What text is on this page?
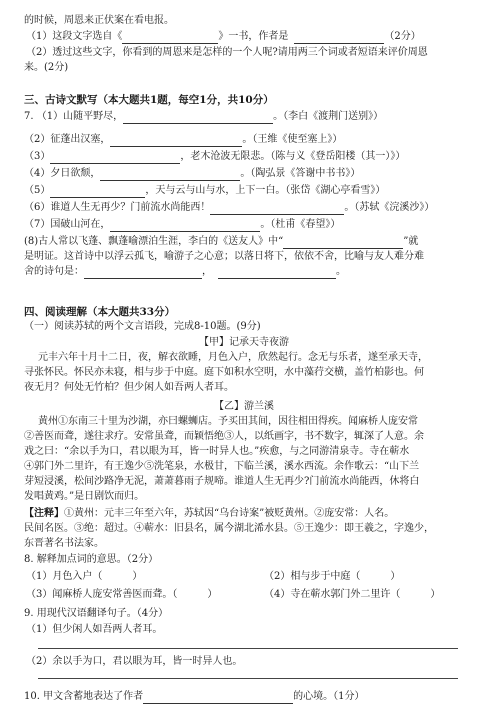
的时候，周恩来正伏案在看电报。
（1）这段文字选自《	》一书，作者是	（2分）
（2）透过这些文字，你看到的周恩来是怎样的一个人呢?请用两三个词或者短语来评价周恩
来。(2分)
三、古诗文默写（本大题共1题，每空1分，共10分）
7. （1）山随平野尽，	。（李白《渡荆门送别》）
（2）征蓬出汉塞，	。（王维《使至塞上》）
（3）	，老木沧波无限悲。（陈与义《登岳阳楼（其一）》）
（4）夕日欲颓，	。（陶弘景《答谢中书书》）
（5）	，天与云与山与水，上下一白。（张岱《湖心亭看雪》）
（6）谁道人生无再少？门前流水尚能西！	。（苏轼《浣溪沙》）
（7）国破山河在，	。（杜甫《春望》）
(8)古人常以飞蓬、飘蓬喻漂泊生涯，李白的《送友人》中“	”就
是明证。这首诗中以浮云孤飞，喻游子之心意；以落日将下，依依不舍，比喻与友人难分难
舍的诗句是：	，	。
四、阅读理解（本大题共33分）
（一）阅读苏轼的两个文言语段，完成8-10题。(9分)
【甲】记承天寺夜游
元丰六年十月十二日，夜，解衣欲睡，月色入户，欣然起行。念无与乐者，遂至承天寺，
寻张怀民。怀民亦未寝，相与步于中庭。庭下如积水空明，水中藻荇交横，盖竹柏影也。何
夜无月？何处无竹柏？但少闲人如吾两人者耳。
【乙】游兰溪
黄州①东南三十里为沙湖，亦曰螺蛳店。予买田其间，因往相田得疾。闻麻桥人庞安常
②善医而聋，遂往求疗。安常虽聋，而颖悟绝③人，以纸画字，书不数字，辄深了人意。余
戏之曰：“余以手为口，君以眼为耳，皆一时异人也。”疾愈，与之同游清泉寺。寺在蕲水
④郭门外二里许，有王逸少⑤洗笔泉，水极甘，下临兰溪，溪水西流。余作歌云：“山下兰
芽短浸溪，松间沙路净无泥，萧萧暮雨子规啼。谁道人生无再少?门前流水尚能西，休将白
发唱黄鸡。”是日剧饮而归。
【注释】①黄州：元丰三年至六年，苏轼因“乌台诗案”被贬黄州。②庞安常：人名。
民间名医。③绝：超过。④蕲水：旧县名，属今湖北浠水县。⑤王逸少：即王羲之，字逸少，
东晋著名书法家。
8. 解释加点词的意思。（2分）
（1）月色入户（　　　）	（2）相与步于中庭（　　　）
（3）闻麻桥人庞安常善医而聋。（　　　）	（4）寺在蕲水郭门外二里许（　　　）
9. 用现代汉语翻译句子。（4分）
（1）但少闲人如吾两人者耳。
（2）余以手为口，君以眼为耳，皆一时异人也。
10. 甲文含蓄地表达了作者	的心境。（1分）
